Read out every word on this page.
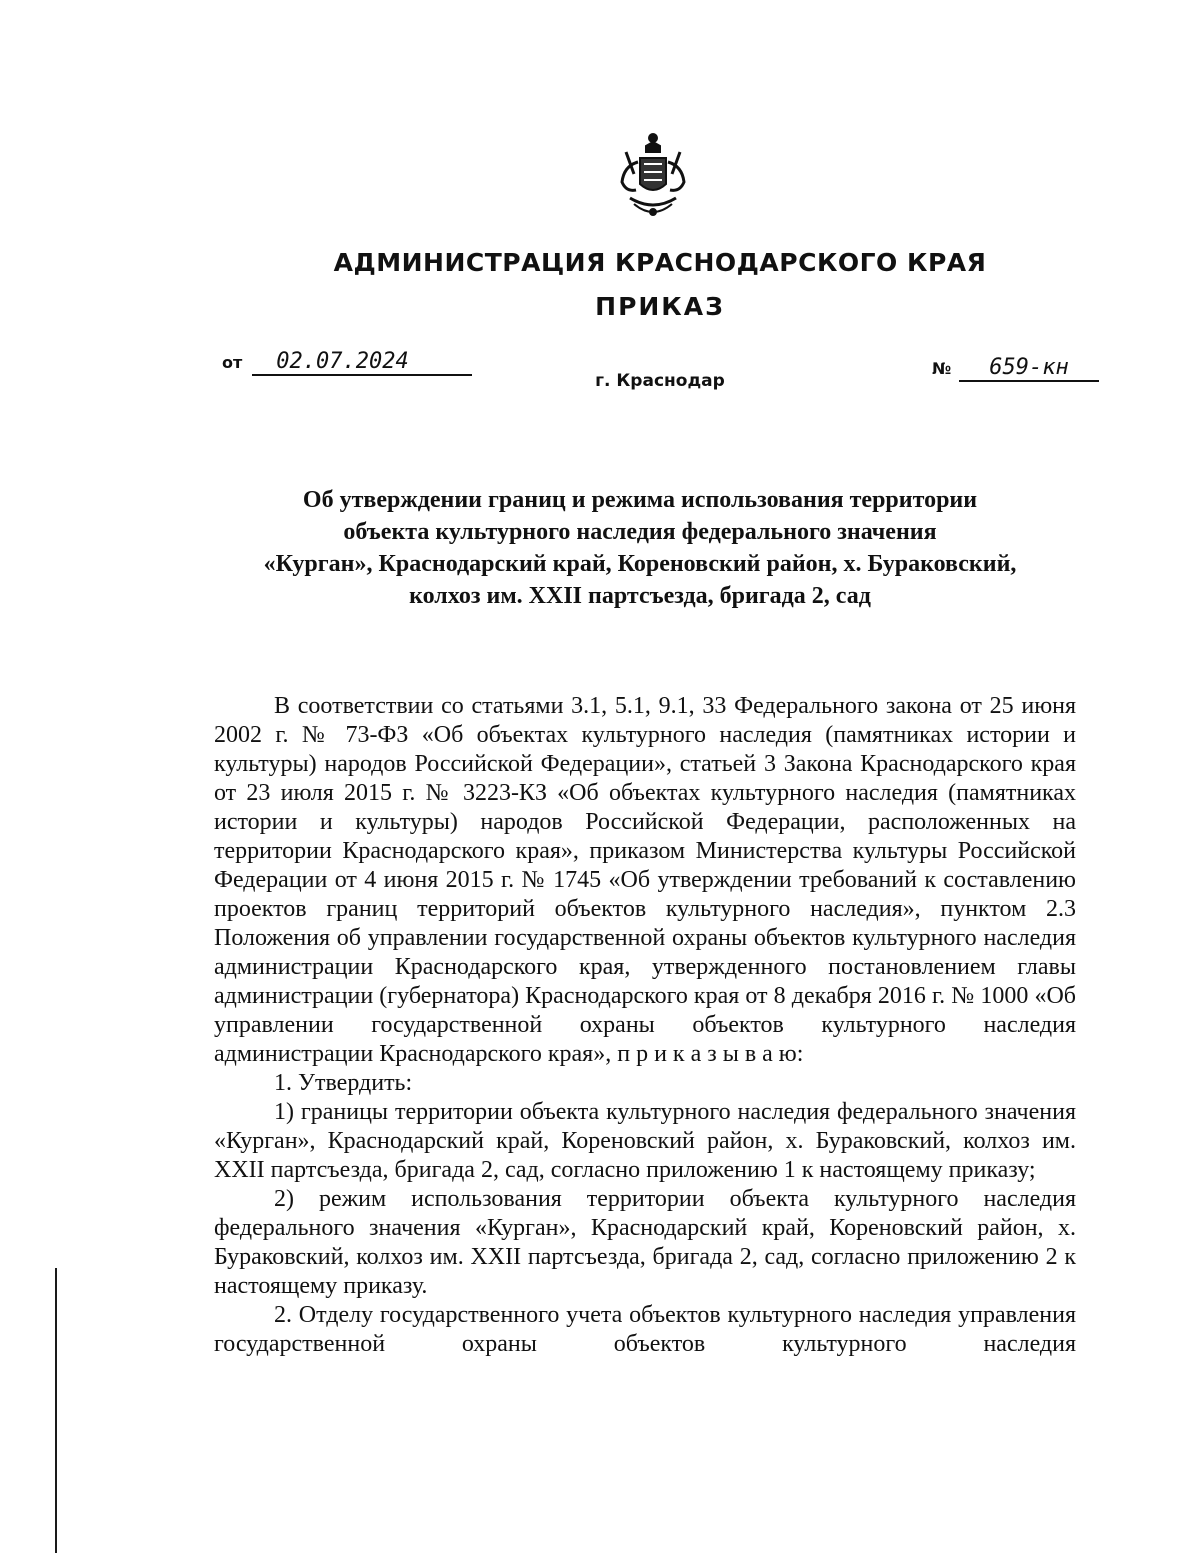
АДМИНИСТРАЦИЯ КРАСНОДАРСКОГО КРАЯ
ПРИКАЗ
от 02.07.2024	№ 659-кн
г. Краснодар
Об утверждении границ и режима использования территории
объекта культурного наследия федерального значения
«Курган», Краснодарский край, Кореновский район, х. Бураковский,
колхоз им. XXII партсъезда, бригада 2, сад

В соответствии со статьями 3.1, 5.1, 9.1, 33 Федерального закона от 25 июня 2002 г. № 73-ФЗ «Об объектах культурного наследия (памятниках истории и культуры) народов Российской Федерации», статьей 3 Закона Краснодарского края от 23 июля 2015 г. № 3223-КЗ «Об объектах культурного наследия (памятниках истории и культуры) народов Российской Федерации, расположенных на территории Краснодарского края», приказом Министерства культуры Российской Федерации от 4 июня 2015 г. № 1745 «Об утверждении требований к составлению проектов границ территорий объектов культурного наследия», пунктом 2.3 Положения об управлении государственной охраны объектов культурного наследия администрации Краснодарского края, утвержденного постановлением главы администрации (губернатора) Краснодарского края от 8 декабря 2016 г. № 1000 «Об управлении государственной охраны объектов культурного наследия администрации Краснодарского края», п р и к а з ы в а ю:

1. Утвердить:

1) границы территории объекта культурного наследия федерального значения «Курган», Краснодарский край, Кореновский район, х. Бураковский, колхоз им. XXII партсъезда, бригада 2, сад, согласно приложению 1 к настоящему приказу;

2) режим использования территории объекта культурного наследия федерального значения «Курган», Краснодарский край, Кореновский район, х. Бураковский, колхоз им. XXII партсъезда, бригада 2, сад, согласно приложению 2 к настоящему приказу.

2. Отделу государственного учета объектов культурного наследия управления государственной охраны объектов культурного наследия
